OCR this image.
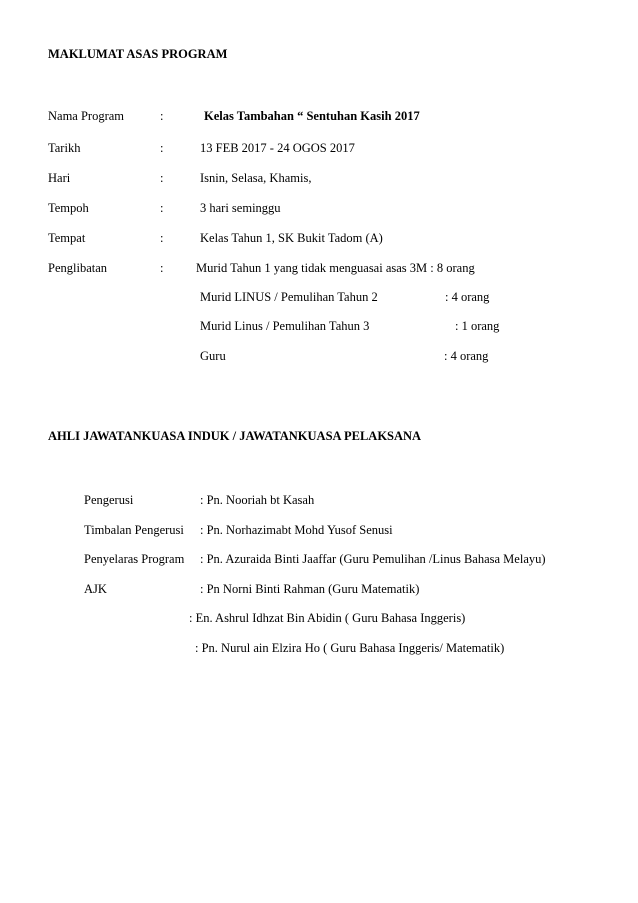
MAKLUMAT ASAS PROGRAM
Nama Program	:	Kelas Tambahan “ Sentuhan Kasih 2017
Tarikh	:	13 FEB 2017 - 24 OGOS 2017
Hari	:	Isnin, Selasa, Khamis,
Tempoh	:	3 hari seminggu
Tempat	:	Kelas Tahun 1, SK Bukit Tadom (A)
Penglibatan	:	Murid Tahun 1 yang tidak menguasai asas 3M : 8 orang
Murid LINUS / Pemulihan Tahun 2	: 4 orang
Murid Linus / Pemulihan Tahun 3	: 1 orang
Guru	: 4 orang
AHLI JAWATANKUASA INDUK / JAWATANKUASA PELAKSANA
Pengerusi	: Pn. Nooriah bt Kasah
Timbalan Pengerusi : Pn. Norhazimabt Mohd Yusof Senusi
Penyelaras Program : Pn. Azuraida Binti Jaaffar (Guru Pemulihan /Linus Bahasa Melayu)
AJK	: Pn Norni Binti Rahman (Guru Matematik)
: En. Ashrul Idhzat Bin Abidin ( Guru Bahasa Inggeris)
: Pn. Nurul ain Elzira Ho ( Guru Bahasa Inggeris/ Matematik)
